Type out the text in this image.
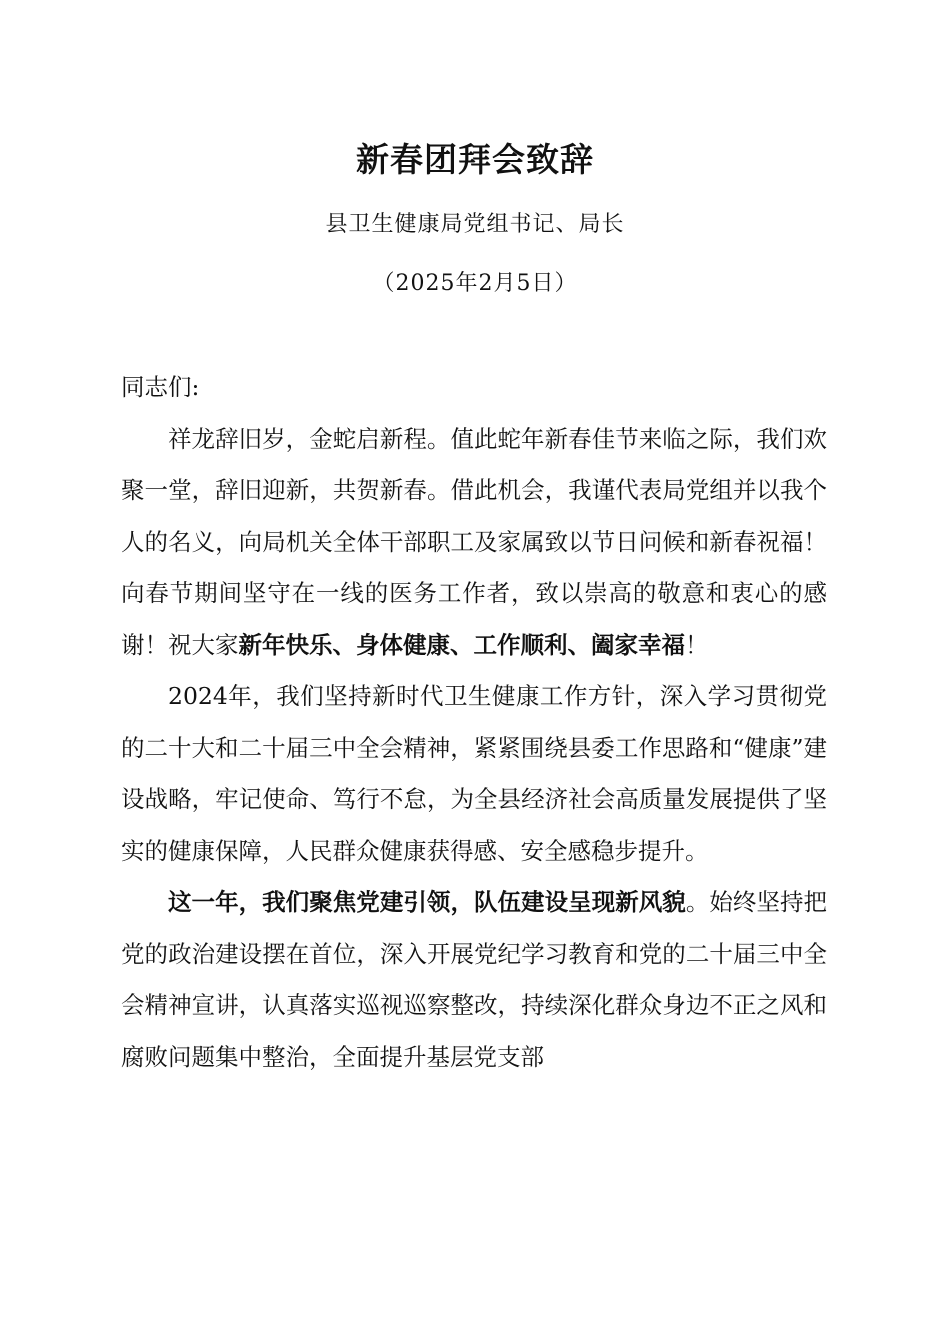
新春团拜会致辞
县卫生健康局党组书记、局长
（2025年2月5日）

同志们:

祥龙辞旧岁，金蛇启新程。值此蛇年新春佳节来临之际，我们欢聚一堂，辞旧迎新，共贺新春。借此机会，我谨代表局党组并以我个人的名义，向局机关全体干部职工及家属致以节日问候和新春祝福！向春节期间坚守在一线的医务工作者，致以崇高的敬意和衷心的感谢！祝大家新年快乐、身体健康、工作顺利、阖家幸福！

2024年，我们坚持新时代卫生健康工作方针，深入学习贯彻党的二十大和二十届三中全会精神，紧紧围绕县委工作思路和“健康”建设战略，牢记使命、笃行不怠，为全县经济社会高质量发展提供了坚实的健康保障，人民群众健康获得感、安全感稳步提升。

这一年，我们聚焦党建引领，队伍建设呈现新风貌。始终坚持把党的政治建设摆在首位，深入开展党纪学习教育和党的二十届三中全会精神宣讲，认真落实巡视巡察整改，持续深化群众身边不正之风和腐败问题集中整治，全面提升基层党支部
